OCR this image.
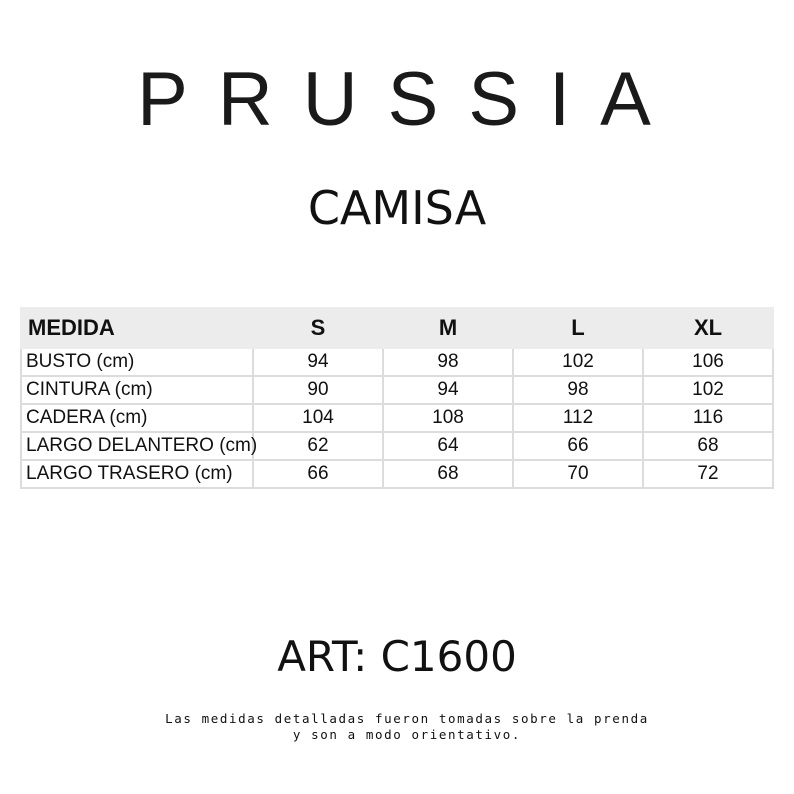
PRUSSIA
CAMISA
MEDIDA	S	M	L	XL
BUSTO (cm)	94	98	102	106
CINTURA (cm)	90	94	98	102
CADERA (cm)	104	108	112	116
LARGO DELANTERO (cm)	62	64	66	68
LARGO TRASERO (cm)	66	68	70	72
ART: C1600
Las medidas detalladas fueron tomadas sobre la prenda
y son a modo orientativo.
